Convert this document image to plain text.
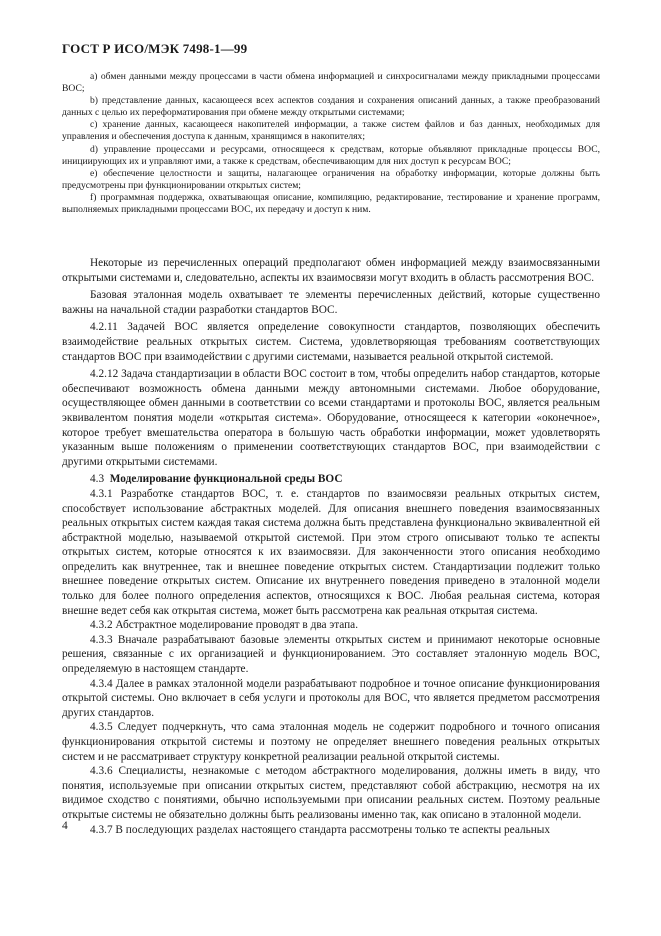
ГОСТ Р ИСО/МЭК 7498-1—99

а) обмен данными между процессами в части обмена информацией и синхросигналами между прикладными процессами ВОС;

b) представление данных, касающееся всех аспектов создания и сохранения описаний данных, а также преобразований данных с целью их переформатирования при обмене между открытыми системами;

c) хранение данных, касающееся накопителей информации, а также систем файлов и баз данных, необходимых для управления и обеспечения доступа к данным, хранящимся в накопителях;

d) управление процессами и ресурсами, относящееся к средствам, которые объявляют прикладные процессы ВОС, инициирующих их и управляют ими, а также к средствам, обеспечивающим для них доступ к ресурсам ВОС;

e) обеспечение целостности и защиты, налагающее ограничения на обработку информации, которые должны быть предусмотрены при функционировании открытых систем;

f) программная поддержка, охватывающая описание, компиляцию, редактирование, тестирование и хранение программ, выполняемых прикладными процессами ВОС, их передачу и доступ к ним.

Некоторые из перечисленных операций предполагают обмен информацией между взаимосвязанными открытыми системами и, следовательно, аспекты их взаимосвязи могут входить в область рассмотрения ВОС.

Базовая эталонная модель охватывает те элементы перечисленных действий, которые существенно важны на начальной стадии разработки стандартов ВОС.

4.2.11 Задачей ВОС является определение совокупности стандартов, позволяющих обеспечить взаимодействие реальных открытых систем. Система, удовлетворяющая требованиям соответствующих стандартов ВОС при взаимодействии с другими системами, называется реальной открытой системой.

4.2.12 Задача стандартизации в области ВОС состоит в том, чтобы определить набор стандартов, которые обеспечивают возможность обмена данными между автономными системами. Любое оборудование, осуществляющее обмен данными в соответствии со всеми стандартами и протоколы ВОС, является реальным эквивалентом понятия модели «открытая система». Оборудование, относящееся к категории «оконечное», которое требует вмешательства оператора в большую часть обработки информации, может удовлетворять указанным выше положениям о применении соответствующих стандартов ВОС, при взаимодействии с другими открытыми системами.

4.3 Моделирование функциональной среды ВОС

4.3.1 Разработке стандартов ВОС, т. е. стандартов по взаимосвязи реальных открытых систем, способствует использование абстрактных моделей. Для описания внешнего поведения взаимосвязанных реальных открытых систем каждая такая система должна быть представлена функционально эквивалентной ей абстрактной моделью, называемой открытой системой. При этом строго описывают только те аспекты открытых систем, которые относятся к их взаимосвязи. Для законченности этого описания необходимо определить как внутреннее, так и внешнее поведение открытых систем. Стандартизации подлежит только внешнее поведение открытых систем. Описание их внутреннего поведения приведено в эталонной модели только для более полного определения аспектов, относящихся к ВОС. Любая реальная система, которая внешне ведет себя как открытая система, может быть рассмотрена как реальная открытая система.

4.3.2 Абстрактное моделирование проводят в два этапа.

4.3.3 Вначале разрабатывают базовые элементы открытых систем и принимают некоторые основные решения, связанные с их организацией и функционированием. Это составляет эталонную модель ВОС, определяемую в настоящем стандарте.

4.3.4 Далее в рамках эталонной модели разрабатывают подробное и точное описание функционирования открытой системы. Оно включает в себя услуги и протоколы для ВОС, что является предметом рассмотрения других стандартов.

4.3.5 Следует подчеркнуть, что сама эталонная модель не содержит подробного и точного описания функционирования открытой системы и поэтому не определяет внешнего поведения реальных открытых систем и не рассматривает структуру конкретной реализации реальной открытой системы.

4.3.6 Специалисты, незнакомые с методом абстрактного моделирования, должны иметь в виду, что понятия, используемые при описании открытых систем, представляют собой абстракцию, несмотря на их видимое сходство с понятиями, обычно используемыми при описании реальных систем. Поэтому реальные открытые системы не обязательно должны быть реализованы именно так, как описано в эталонной модели.

4.3.7 В последующих разделах настоящего стандарта рассмотрены только те аспекты реальных

4
